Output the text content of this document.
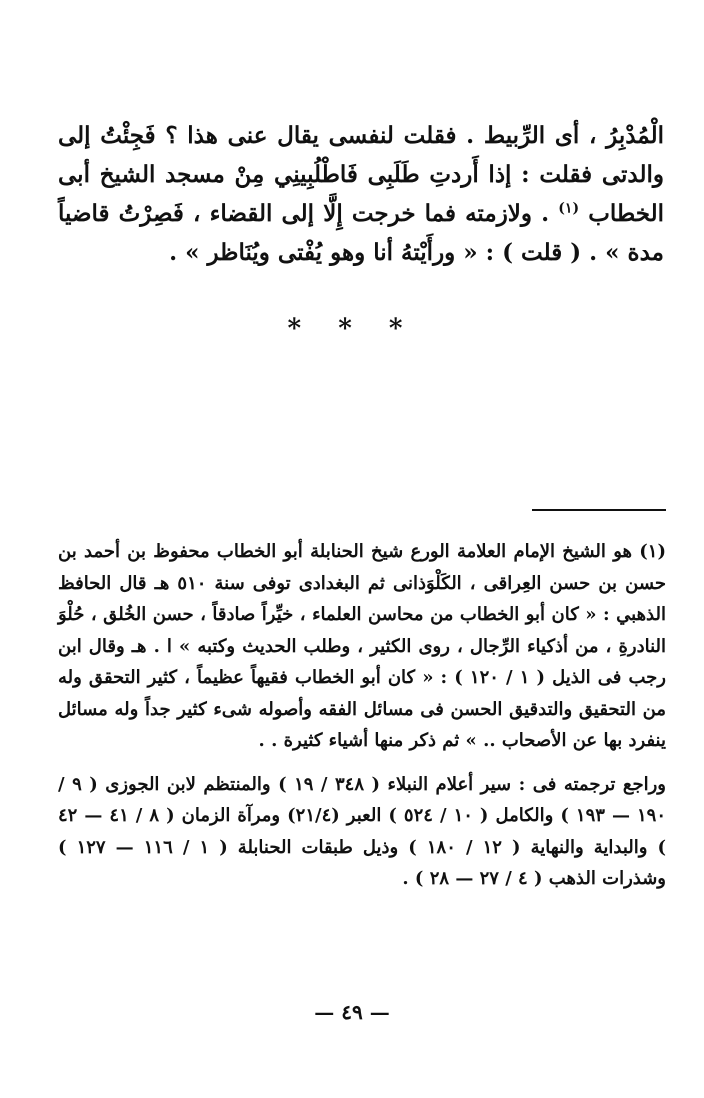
الْمُدْبِرُ ، أى الرِّبيط . فقلت لنفسى يقال عنى هذا ؟ فَجِئْتُ إلى والدتى فقلت : إذا أَردتِ طَلَبِى فَاطْلُبِينِي مِنْ مسجد الشيخ أبى الخطاب $^{(١)}$ . ولازمته فما خرجت إِلَّا إلى القضاء ، فَصِرْتُ قاضياً مدة » . ( قلت ) : « ورأَيْتهُ أنا وهو يُفْتى ويُنَاظر » .

* * *

(١) هو الشيخ الإمام العلامة الورع شيخ الحنابلة أبو الخطاب محفوظ بن أحمد بن حسن بن حسن العِراقى ، الكَلْوَذانى ثم البغدادى توفى سنة ٥١٠ هـ قال الحافظ الذهبي : « كان أبو الخطاب من محاسن العلماء ، خيِّراً صادقاً ، حسن الخُلق ، حُلْوَ النادرةِ ، من أذكياء الرِّجال ، روى الكثير ، وطلب الحديث وكتبه » ا . هـ وقال ابن رجب فى الذيل ( ١ / ١٢٠ ) : « كان أبو الخطاب فقيهاً عظيماً ، كثير التحقق وله من التحقيق والتدقيق الحسن فى مسائل الفقه وأصوله شىء كثير جداً وله مسائل ينفرد بها عن الأصحاب .. » ثم ذكر منها أشياء كثيرة . .

وراجع ترجمته فى : سير أعلام النبلاء ( ٣٤٨ / ١٩ ) والمنتظم لابن الجوزى ( ٩ / ١٩٠ — ١٩٣ ) والكامل ( ١٠ / ٥٢٤ ) العبر (٢١/٤) ومرآة الزمان ( ٨ / ٤١ — ٤٢ ) والبداية والنهاية ( ١٢ / ١٨٠ ) وذيل طبقات الحنابلة ( ١ / ١١٦ — ١٢٧ ) وشذرات الذهب ( ٤ / ٢٧ — ٢٨ ) .

— ٤٩ —
